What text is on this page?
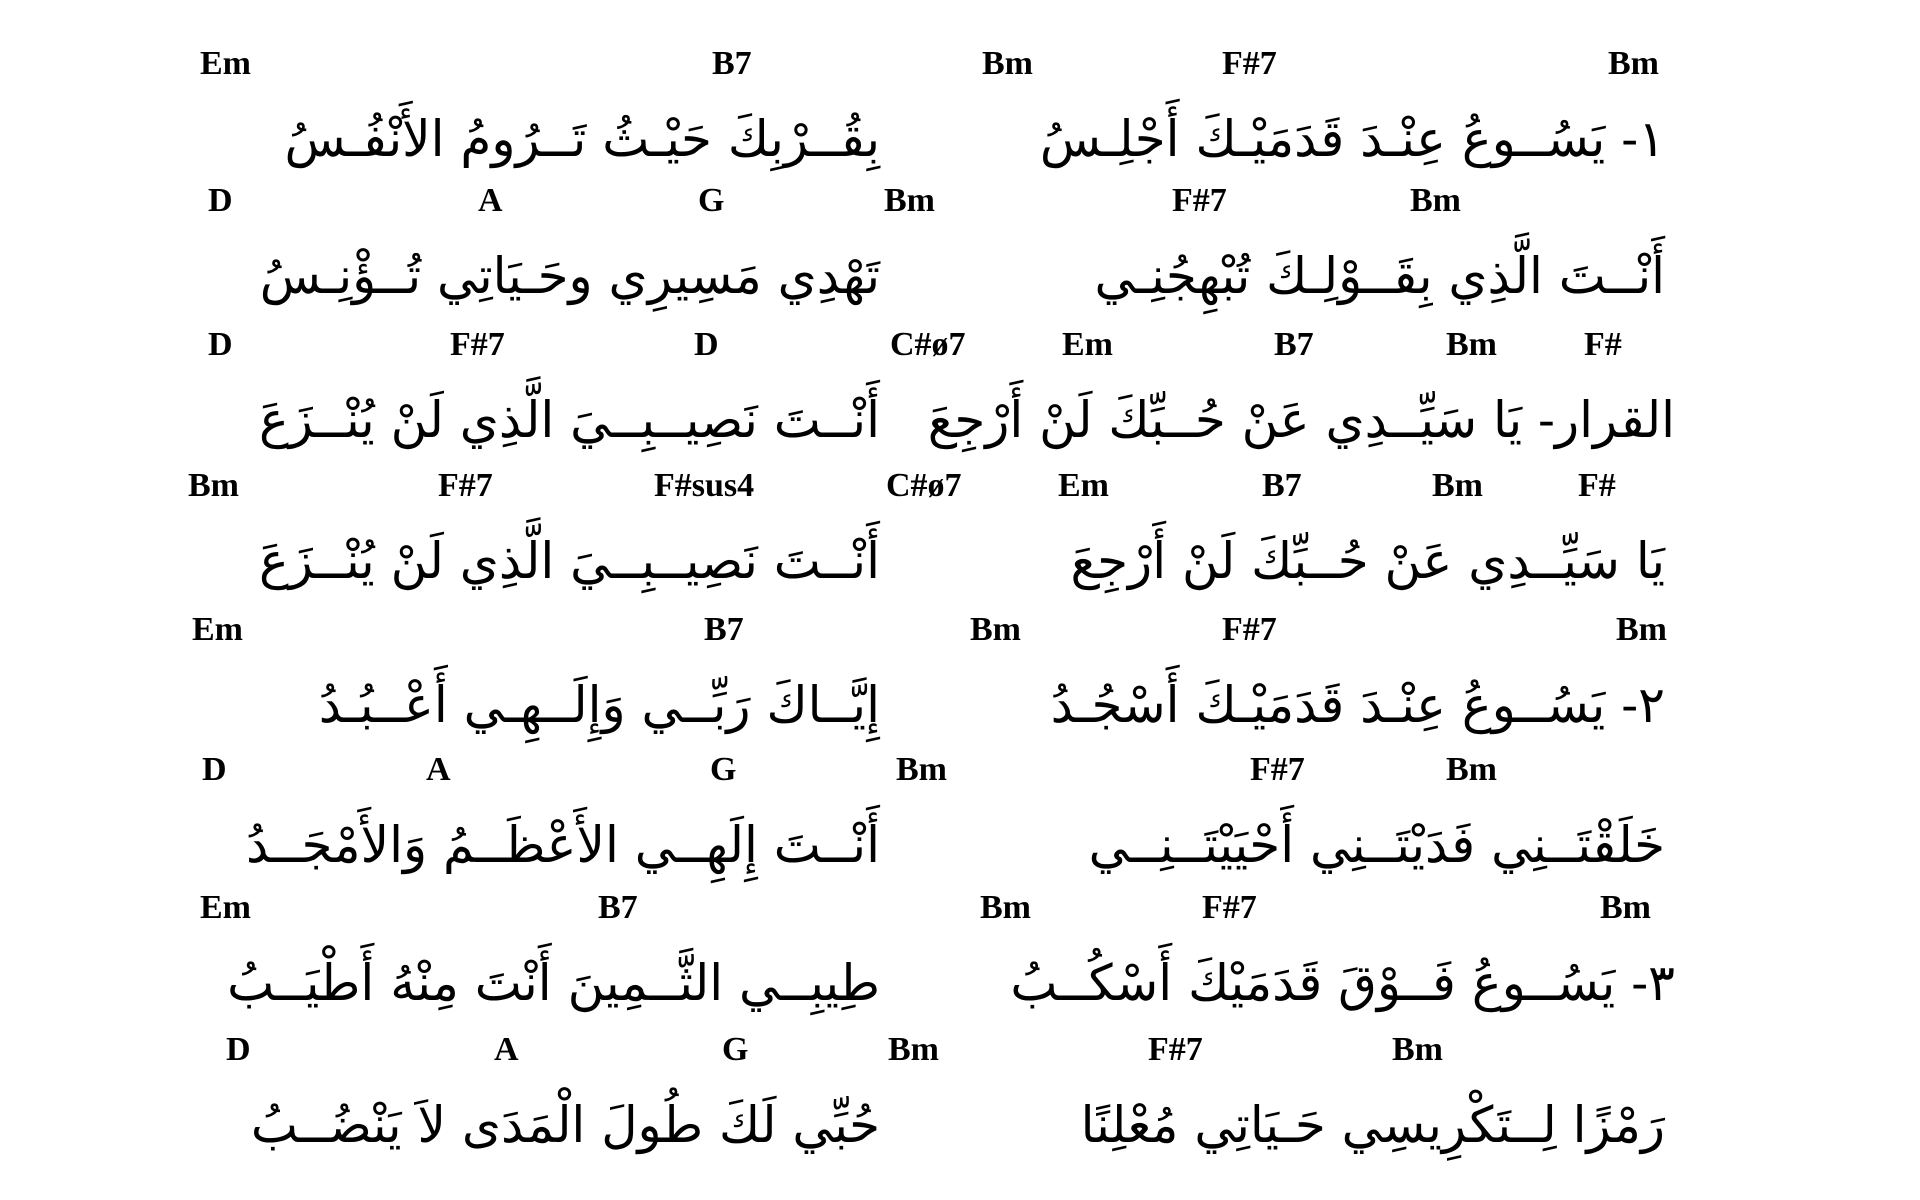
Em	B7	Bm	F#7	Bm
١- يَسُــوعُ عِنْـدَ قَدَمَيْـكَ أَجْلِـسُ
بِقُــرْبِكَ حَيْـثُ تَــرُومُ الأَنْفُـسُ
D	A	G	Bm	F#7	Bm
أَنْــتَ الَّذِي بِقَــوْلِـكَ تُبْهِجُنِـي
تَهْدِي مَسِيرِي وحَـيَاتِي تُــؤْنِـسُ
D	F#7	D	C#ø7	Em	B7	Bm	F#
القرار- يَا سَيِّــدِي عَنْ حُــبِّكَ لَنْ أَرْجِعَ
أَنْــتَ نَصِيــبِــيَ الَّذِي لَنْ يُنْــزَعَ
Bm	F#7	F#sus4	C#ø7	Em	B7	Bm	F#
يَا سَيِّــدِي عَنْ حُــبِّكَ لَنْ أَرْجِعَ
أَنْــتَ نَصِيــبِــيَ الَّذِي لَنْ يُنْــزَعَ
Em	B7	Bm	F#7	Bm
٢- يَسُــوعُ عِنْـدَ قَدَمَيْـكَ أَسْجُـدُ
إِيَّــاكَ رَبِّــي وَإِلَــهِـي أَعْــبُـدُ
D	A	G	Bm	F#7	Bm
خَلَقْتَــنِي فَدَيْتَــنِي أَحْيَيْتَــنِــي
أَنْــتَ إِلَهِــي الأَعْظَــمُ وَالأَمْجَــدُ
Em	B7	Bm	F#7	Bm
٣- يَسُــوعُ فَــوْقَ قَدَمَيْكَ أَسْكُــبُ
طِيبِــي الثَّــمِينَ أَنْتَ مِنْهُ أَطْيَــبُ
D	A	G	Bm	F#7	Bm
رَمْزًا لِــتَكْرِيسِي حَـيَاتِي مُعْلِنًا
حُبِّي لَكَ طُولَ الْمَدَى لاَ يَنْضُــبُ
